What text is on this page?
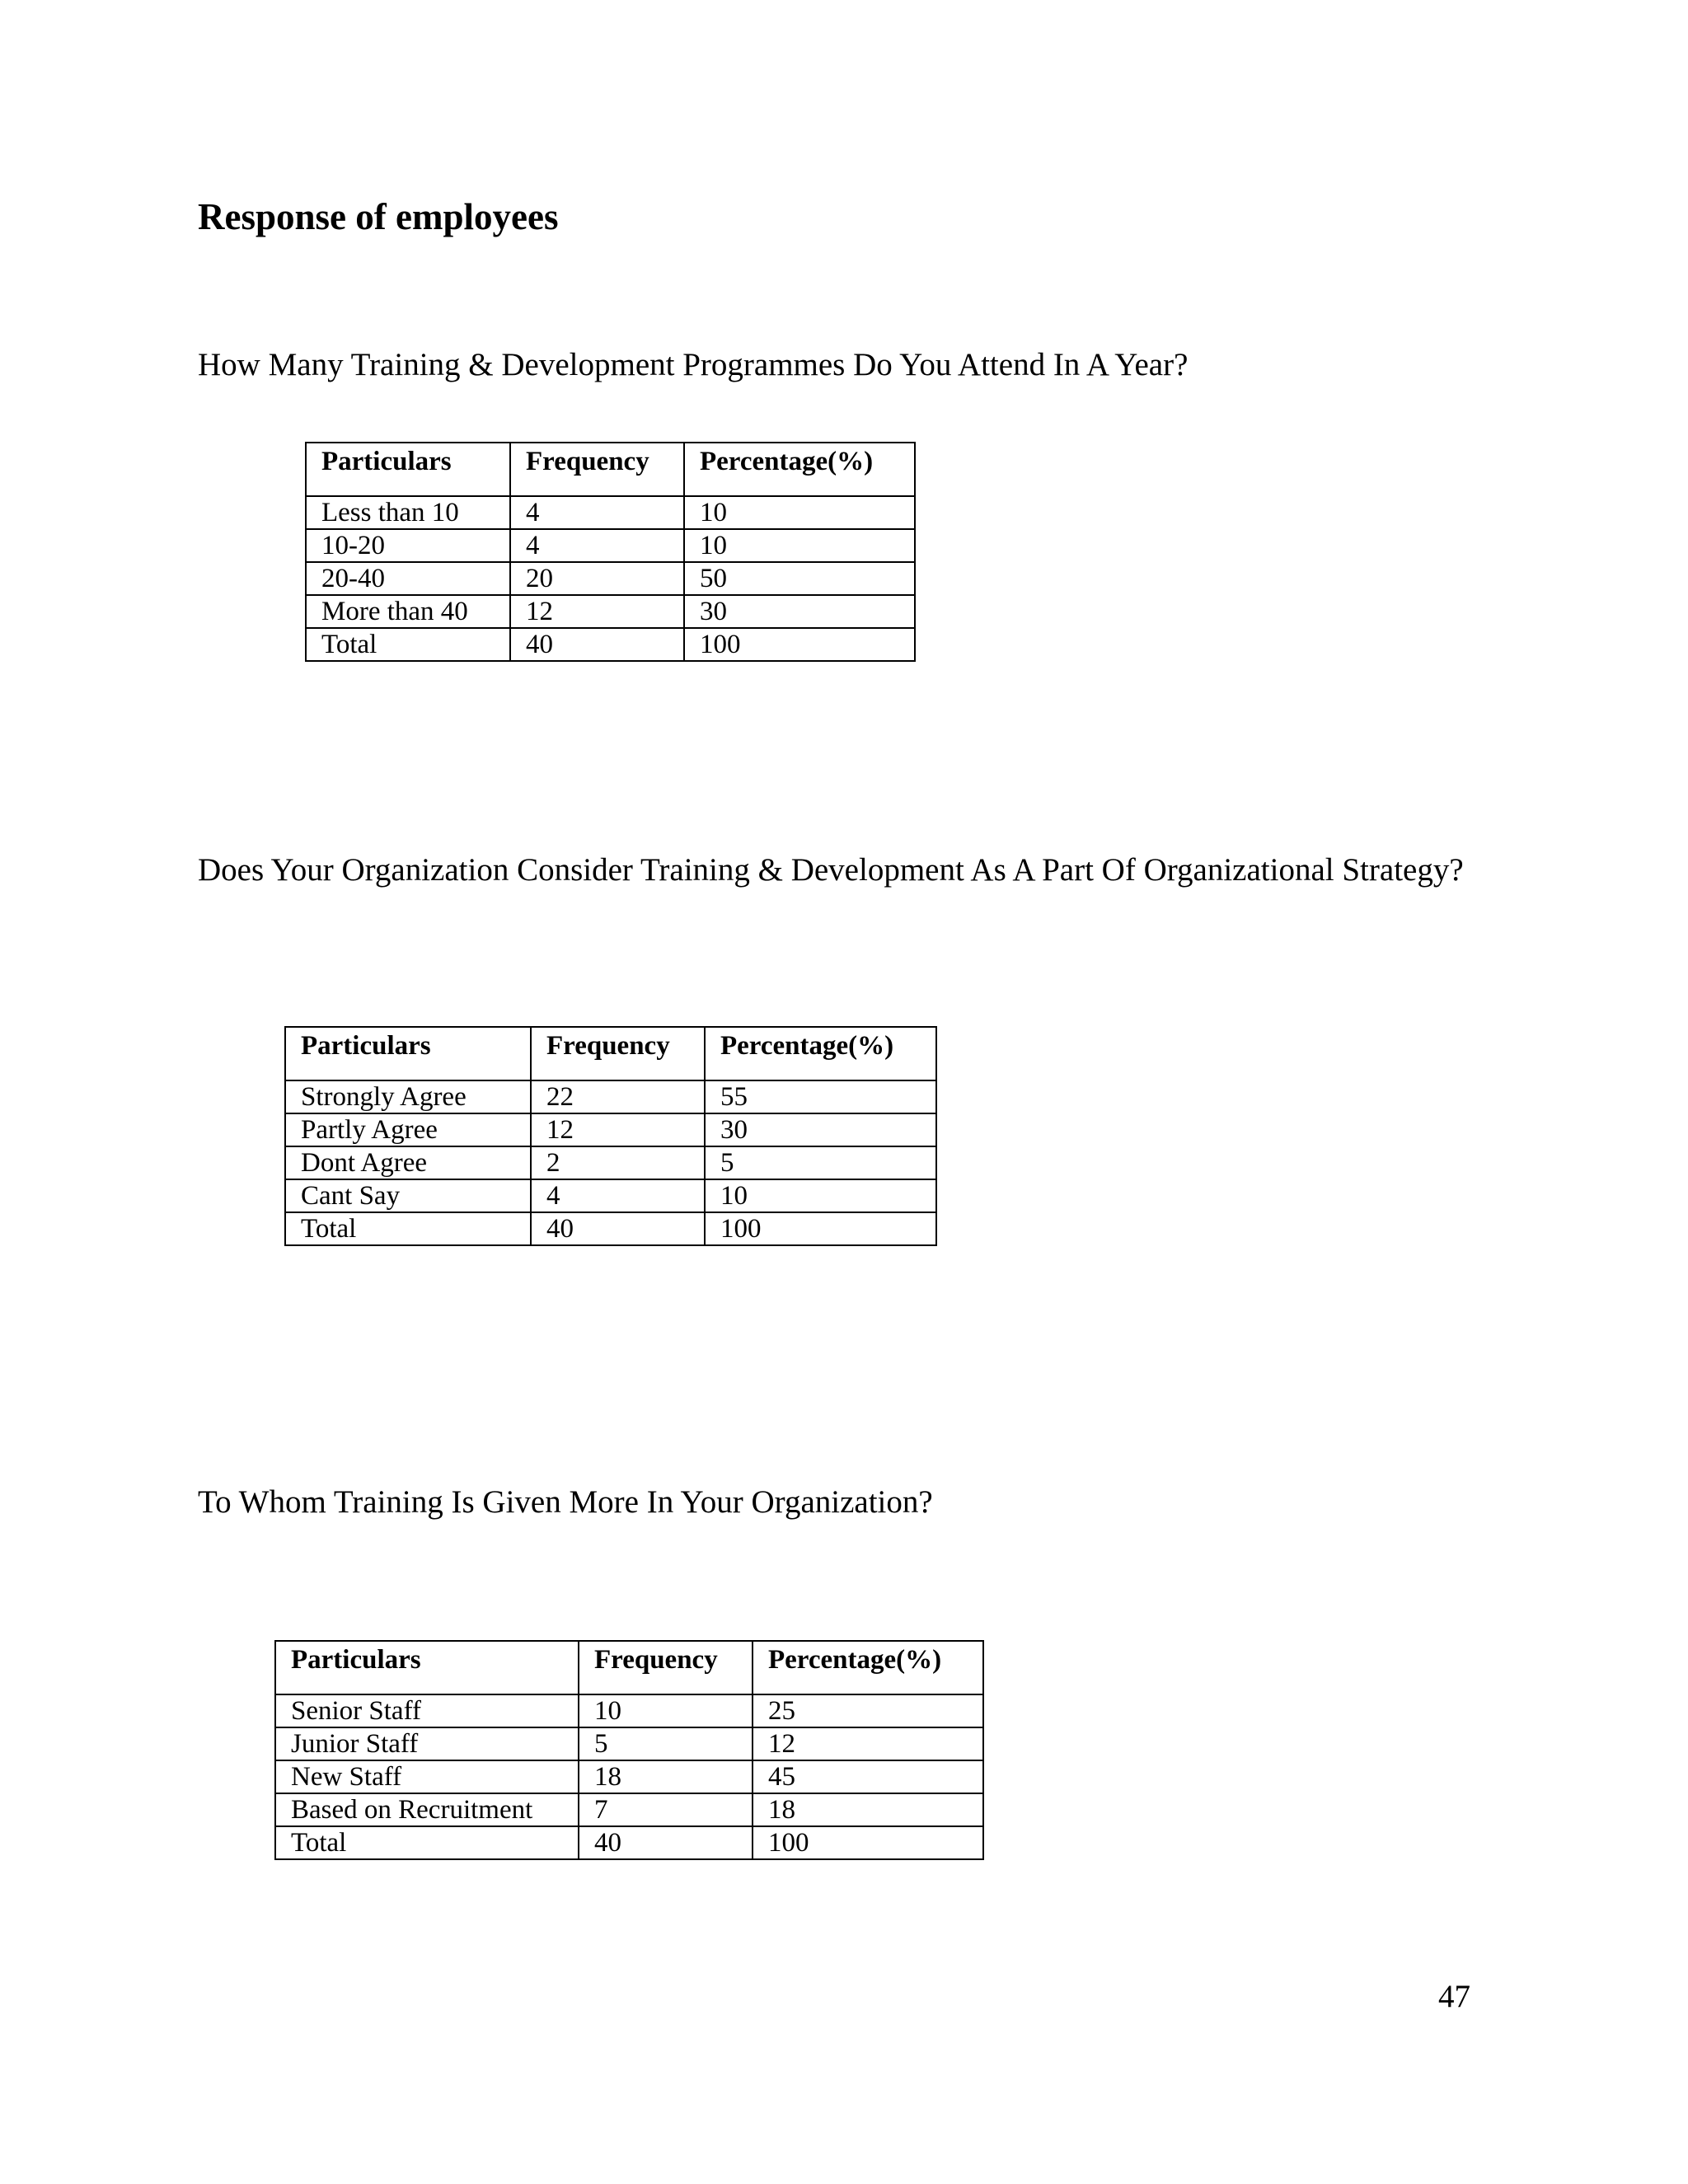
Response of employees

How Many Training & Development Programmes Do You Attend In A Year?

Particulars	Frequency	Percentage(%)
Less than 10	4	10
10-20	4	10
20-40	20	50
More than 40	12	30
Total	40	100

Does Your Organization Consider Training & Development As A Part Of Organizational Strategy?

Particulars	Frequency	Percentage(%)
Strongly Agree	22	55
Partly Agree	12	30
Dont Agree	2	5
Cant Say	4	10
Total	40	100

To Whom Training Is Given More In Your Organization?

Particulars	Frequency	Percentage(%)
Senior Staff	10	25
Junior Staff	5	12
New Staff	18	45
Based on Recruitment	7	18
Total	40	100

47
